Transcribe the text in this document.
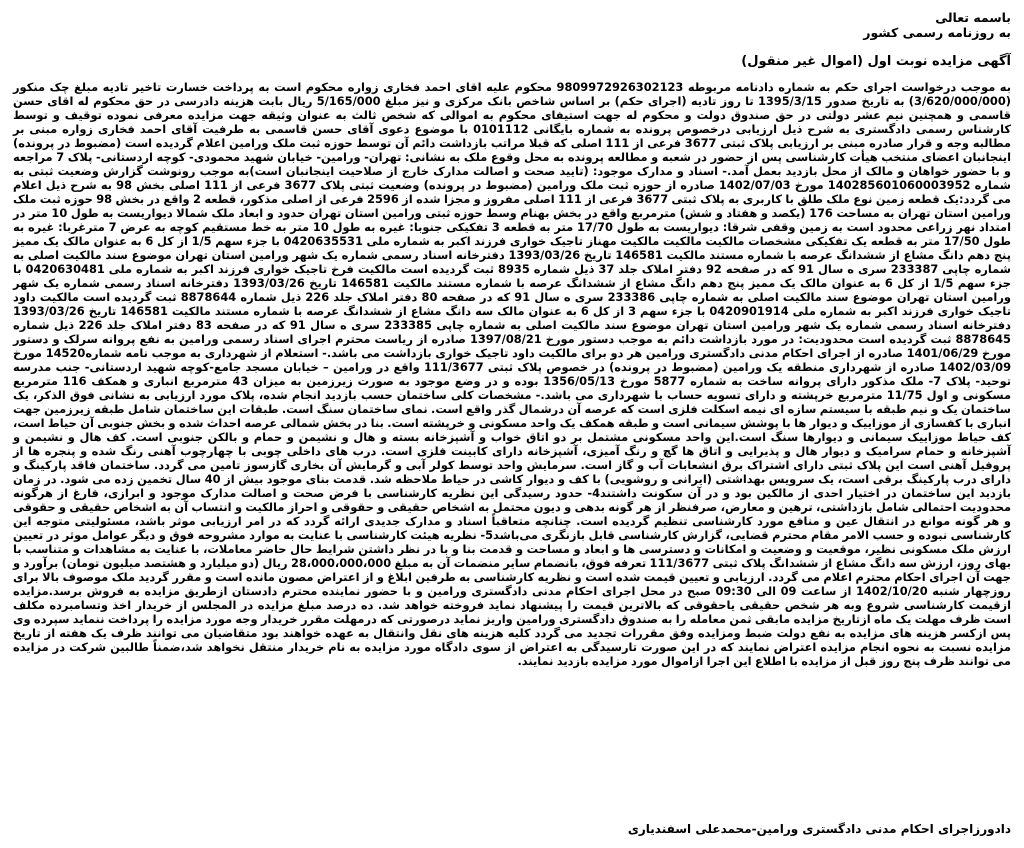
باسمه تعالی
به روزنامه رسمی کشور
آگهی مزایده نوبت اول (اموال غیر منقول)
به موجب درخواست اجرای حکم به شماره دادنامه مربوطه 9809972926302123 محکوم علیه اقای احمد فخاری زواره محکوم است به پرداخت خسارت تاخیر تادیه مبلغ چک منکور (3/620/000/000) به تاریخ صدور 1395/3/15 تا روز تادیه (اجرای حکم) بر اساس شاخص بانک مرکزی و نیز مبلغ 5/165/000 ریال بابت هزینه دادرسی در حق محکوم له اقای حسن قاسمی و همچنین نیم عشر دولتی در حق صندوق دولت و محکوم له جهت استیفای محکوم به اموالی که شخص ثالث به عنوان وثیقه جهت مزایده معرفی نموده توقیف و توسط کارشناس رسمی دادگستری به شرح ذیل ارزیابی درخصوص پرونده به شماره بایگانی 0101112 با موضوع دعوی آقای حسن قاسمی به طرفیت آقای احمد فخاری زواره مبنی بر مطالبه وجه و قرار صادره مبنی بر ارزیابی پلاک ثبتی 3677 فرعی از 111 اصلی که قبلا مراتب بازداشت دائم آن توسط حوزه ثبت ملک ورامین اعلام گردیده است (مضبوط در پرونده) اینجانبان اعضای منتخب هیأت کارشناسی پس از حضور در شعبه و مطالعه پرونده به محل وقوع ملک به نشانی: تهران- ورامین- خیابان شهید محمودی- کوچه اردستانی- پلاک 7 مراجعه و با حضور خواهان و مالک از محل بازدید بعمل آمد.- اسناد و مدارک موجود: (تایید صحت و اصالت مدارک خارج از صلاحیت اینجانبان است)به موجب رونوشت گزارش وضعیت ثبتی به شماره 140285601060003952 مورخ 1402/07/03 صادره از حوزه ثبت ملک ورامین (مضبوط در پرونده) وضعیت ثبتی پلاک 3677 فرعی از 111 اصلی بخش 98 به شرح ذیل اعلام می گردد:یک قطعه زمین نوع ملک طلق با کاربری به پلاک ثبتی 3677 فرعی از 111 اصلی مفروز و مجزا شده از 2596 فرعی از اصلی مذکور، قطعه 2 واقع در بخش 98 حوزه ثبت ملک ورامین استان تهران به مساحت 176 (یکصد و هفتاد و شش) مترمربع واقع در بخش بهنام وسط حوزه ثبتی ورامین استان تهران حدود و ابعاد ملک شمالا دیواریست به طول 10 متر در امتداد نهر زراعی محدود است به زمین وقفی شرقا: دیواریست به طول 17/70 متر به قطعه 3 تفکیکی جنوبا: غیره به طول 10 متر به خط مستقیم کوچه به عرض 7 مترغربا: غیره به طول 17/50 متر به قطعه یک تفکیکی مشخصات مالکیت مالکیت مالکیت مهناز تاجیک خواری فرزند اکبر به شماره ملی 0420635531 با جزء سهم 1/5 از کل 6 به عنوان مالک یک ممیز پنج دهم دانگ مشاع از ششدانگ عرصه با شماره مستند مالکیت 146581 تاریخ 1393/03/26 دفترخانه اسناد رسمی شماره یک شهر ورامین استان تهران موضوع سند مالکیت اصلی به شماره چاپی 233387 سری ه سال 91 که در صفحه 92 دفتر املاک جلد 37 ذیل شماره 8935 ثبت گردیده است مالکیت فرخ تاجیک خواری فرزند اکبر به شماره ملی 0420630481 با جزء سهم 1/5 از کل 6 به عنوان مالک یک ممیز پنج دهم دانگ مشاع از ششدانگ عرصه با شماره مستند مالکیت 146581 تاریخ 1393/03/26 دفترخانه اسناد رسمی شماره یک شهر ورامین استان تهران موضوع سند مالکیت اصلی به شماره چاپی 233386 سری ه سال 91 که در صفحه 80 دفتر املاک جلد 226 ذیل شماره 8878644 ثبت گردیده است مالکیت داود تاجیک خواری فرزند اکبر به شماره ملی 0420901914 با جزء سهم 3 از کل 6 به عنوان مالک سه دانگ مشاع از ششدانگ عرصه با شماره مستند مالکیت 146581 تاریخ 1393/03/26 دفترخانه اسناد رسمی شماره یک شهر ورامین استان تهران موضوع سند مالکیت اصلی به شماره چاپی 233385 سری ه سال 91 که در صفحه 83 دفتر املاک جلد 226 ذیل شماره 8878645 ثبت گردیده است محدودیت: در مورد بازداشت دائم به موجب دستور مورخ 1397/08/21 صادره از ریاست محترم اجرای اسناد رسمی ورامین به نفع پروانه سرلک و دستور مورخ 1401/06/29 صادره از اجرای احکام مدنی دادگستری ورامین هر دو برای مالکیت داود تاجیک خواری بازداشت می باشد.- استعلام از شهرداری به موجب نامه شماره14520 مورخ 1402/03/09 صادره از شهرداری منطقه یک ورامین (مضبوط در پرونده) در خصوص پلاک ثبتی 111/3677 واقع در ورامین – خیابان مسجد جامع-کوچه شهید اردستانی- جنب مدرسه توحید- پلاک 7- ملک مذکور دارای پروانه ساخت به شماره 5877 مورخ 1356/05/13 بوده و در وضع موجود به صورت زیرزمین به میزان 43 مترمربع انباری و همکف 116 مترمربع مسکونی و اول 11/75 مترمربع خرپشته و دارای تسویه حساب با شهرداری می باشد.- مشخصات کلی ساختمان حسب بازدید انجام شده، پلاک مورد ارزیابی به نشانی فوق الذکر، یک ساختمان یک و نیم طبقه با سیستم سازه ای نیمه اسکلت فلزی است که عرصه آن درشمال گذر واقع است. نمای ساختمان سنگ است. طبقات این ساختمان شامل طبقه زیرزمین جهت انباری با کفسازی از موزاییک و دیوار ها با پوشش سیمانی است و طبقه همکف یک واحد مسکونی و خرپشته است. بنا در بخش شمالی عرصه احداث شده و بخش جنوبی آن حیاط است، کف حیاط موزاییک سیمانی و دیوارها سنگ است.این واحد مسکونی مشتمل بر دو اتاق خواب و آشپزخانه بسته و هال و نشیمن و حمام و بالکن جنوبی است. کف هال و نشیمن و آشپزخانه و حمام سرامیک و دیوار هال و پذیرایی و اتاق ها گچ و رنگ آمیزی، آشپزخانه دارای کابینت فلزی است. درب های داخلی چوبی با چهارچوب آهنی رنگ شده و پنجره ها از پروفیل آهنی است این پلاک ثبتی دارای اشتراک برق انشعابات آب و گاز است. سرمایش واحد توسط کولر آبی و گرمایش آن بخاری گازسوز تامین می گردد. ساختمان فاقد پارکینگ و دارای درب پارکینگ برقی است، یک سرویس بهداشتی (ایرانی و روشویی) با کف و دیوار کاشی در حیاط ملاحظه شد. قدمت بنای موجود بیش از 40 سال تخمین زده می شود. در زمان بازدید این ساختمان در اختیار احدی از مالکین بود و در آن سکونت داشتند4- حدود رسیدگی این نظریه کارشناسی با فرض صحت و اصالت مدارک موجود و ابرازی، فارغ از هرگونه محدودیت احتمالی شامل بازداشتی، ترهین و معارض، صرفنظر از هر گونه بدهی و دیون محتمل به اشخاص حقیقی و حقوقی و احراز مالکیت و انتساب آن به اشخاص حقیقی و حقوقی و هر گونه موانع در انتقال عین و منافع مورد کارشناسی تنظیم گردیده است. چنانچه متعاقباً اسناد و مدارک جدیدی ارائه گردد که در امر ارزیابی موثر باشد، مسئولیتی متوجه این کارشناسی نبوده و حسب الامر مقام محترم قضایی، گزارش کارشناسی قابل بازنگری می‌باشد5- نظریه هیئت کارشناسی با عنایت به موارد مشروحه فوق و دیگر عوامل موثر در تعیین ارزش ملک مسکونی نظیر، موقعیت و وضعیت و امکانات و دسترسی ها و ابعاد و مساحت و قدمت بنا و با در نظر داشتن شرایط حال حاضر معاملات، با عنایت به مشاهدات و متناسب با بهای روز، ارزش سه دانگ مشاع از ششدانگ پلاک ثبتی 111/3677 تعرفه فوق، بانضمام سایر منضمات آن به مبلغ 28،000،000،000 ریال (دو میلیارد و هشتصد میلیون تومان) برآورد و جهت آن اجرای احکام محترم اعلام می گردد. ارزیابی و تعیین قیمت شده است و نظریه کارشناسی به طرفین ابلاغ و از اعتراض مصون مانده است و مقرر گردید ملک موصوف بالا برای روزچهار شنبه 1402/10/20 از ساعت 09 الی 09:30 صبح در محل اجرای احکام مدنی دادگستری ورامین و با حضور نماینده محترم دادستان ازطریق مزایده به فروش برسد.مزایده ازقیمت کارشناسی شروع وبه هر شخص حقیقی یاحقوقی که بالاترین قیمت را پیشنهاد نماید فروخته خواهد شد. ده درصد مبلغ مزایده در المجلس از خریدار اخذ وتسامبرده مکلف است ظرف مهلت یک ماه ازتاریخ مزایده مابقی ثمن معامله را به صندوق دادگستری ورامین واریز نماید درصورتی که درمهلت مقرر خریدار وجه مورد مزایده را پرداخت ننماید سپرده وی پس ازکسر هزینه های مزایده به نفع دولت ضبط ومزایده وفق مقررات تجدید می گردد کلیه هزینه های نقل وانتقال به عهده خواهند بود متقاضیان می توانند ظرف یک هفته از تاریخ مزایده نسبت به نحوه انجام مزایده اعتراض نمایند که در این صورت تارسیدگی به اعتراض از سوی دادگاه مورد مزایده به نام خریدار منتقل نخواهد شد،ضمناً طالبین شرکت در مزایده می توانند ظرف پنج روز قبل از مزایده با اطلاع این اجرا ازاموال مورد مزایده بازدید نمایند.
دادورزاجرای احکام مدنی دادگستری ورامین-محمدعلی اسفندیاری
